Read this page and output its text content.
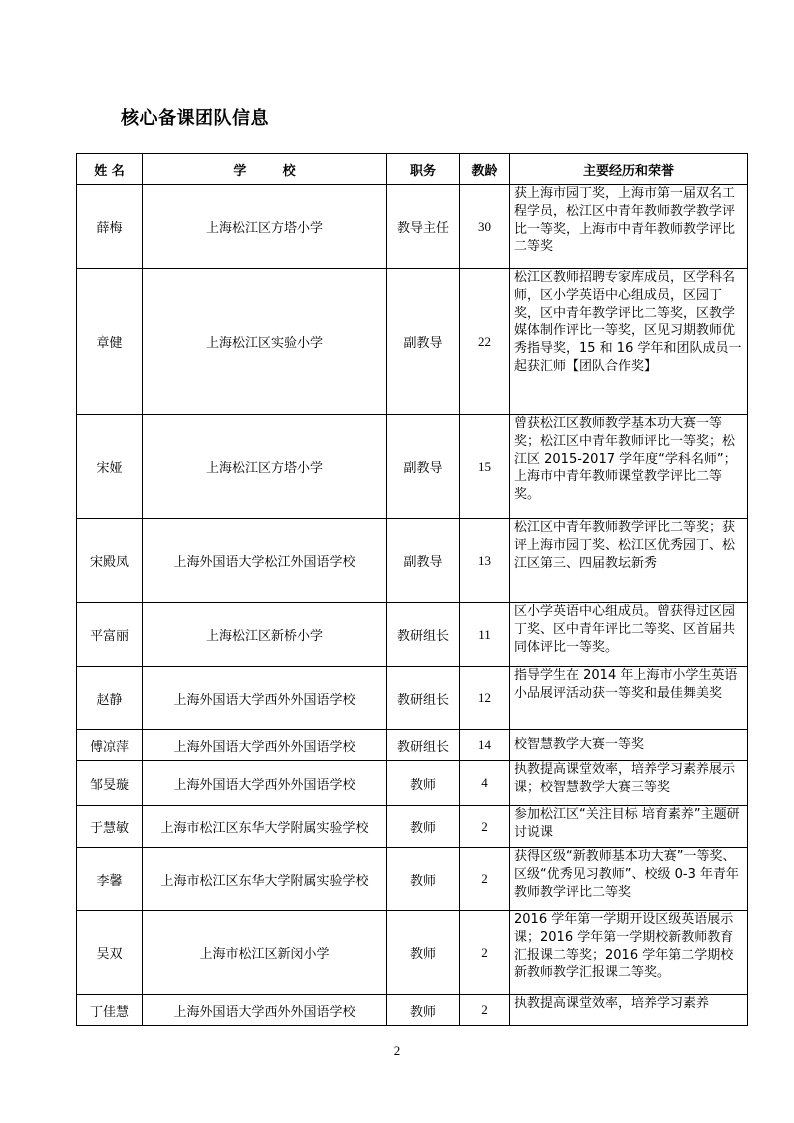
核心备课团队信息
姓 名	学        校	职务	教龄	主要经历和荣誉
薛梅	上海松江区方塔小学	教导主任	30	获上海市园丁奖，上海市第一届双名工程学员，松江区中青年教师教学教学评比一等奖，上海市中青年教师教学评比二等奖
章健	上海松江区实验小学	副教导	22	松江区教师招聘专家库成员，区学科名师，区小学英语中心组成员，区园丁奖，区中青年教学评比二等奖，区教学媒体制作评比一等奖，区见习期教师优秀指导奖，15 和 16 学年和团队成员一起获汇师【团队合作奖】
宋娅	上海松江区方塔小学	副教导	15	曾获松江区教师教学基本功大赛一等奖；松江区中青年教师评比一等奖；松江区 2015-2017 学年度“学科名师”；上海市中青年教师课堂教学评比二等奖。
宋殿凤	上海外国语大学松江外国语学校	副教导	13	松江区中青年教师教学评比二等奖；获评上海市园丁奖、松江区优秀园丁、松江区第三、四届教坛新秀
平富丽	上海松江区新桥小学	教研组长	11	区小学英语中心组成员。曾获得过区园丁奖、区中青年评比二等奖、区首届共同体评比一等奖。
赵静	上海外国语大学西外外国语学校	教研组长	12	指导学生在 2014 年上海市小学生英语小品展评活动获一等奖和最佳舞美奖
傅凉萍	上海外国语大学西外外国语学校	教研组长	14	校智慧教学大赛一等奖
邹旻璇	上海外国语大学西外外国语学校	教师	4	执教提高课堂效率，培养学习素养展示课；校智慧教学大赛三等奖
于慧敏	上海市松江区东华大学附属实验学校	教师	2	参加松江区“关注目标 培育素养”主题研讨说课
李馨	上海市松江区东华大学附属实验学校	教师	2	获得区级“新教师基本功大赛”一等奖、区级“优秀见习教师”、校级 0-3 年青年教师教学评比二等奖
吴双	上海市松江区新闵小学	教师	2	2016 学年第一学期开设区级英语展示课；2016 学年第一学期校新教师教育汇报课二等奖；2016 学年第二学期校新教师教学汇报课二等奖。
丁佳慧	上海外国语大学西外外国语学校	教师	2	执教提高课堂效率，培养学习素养
2
